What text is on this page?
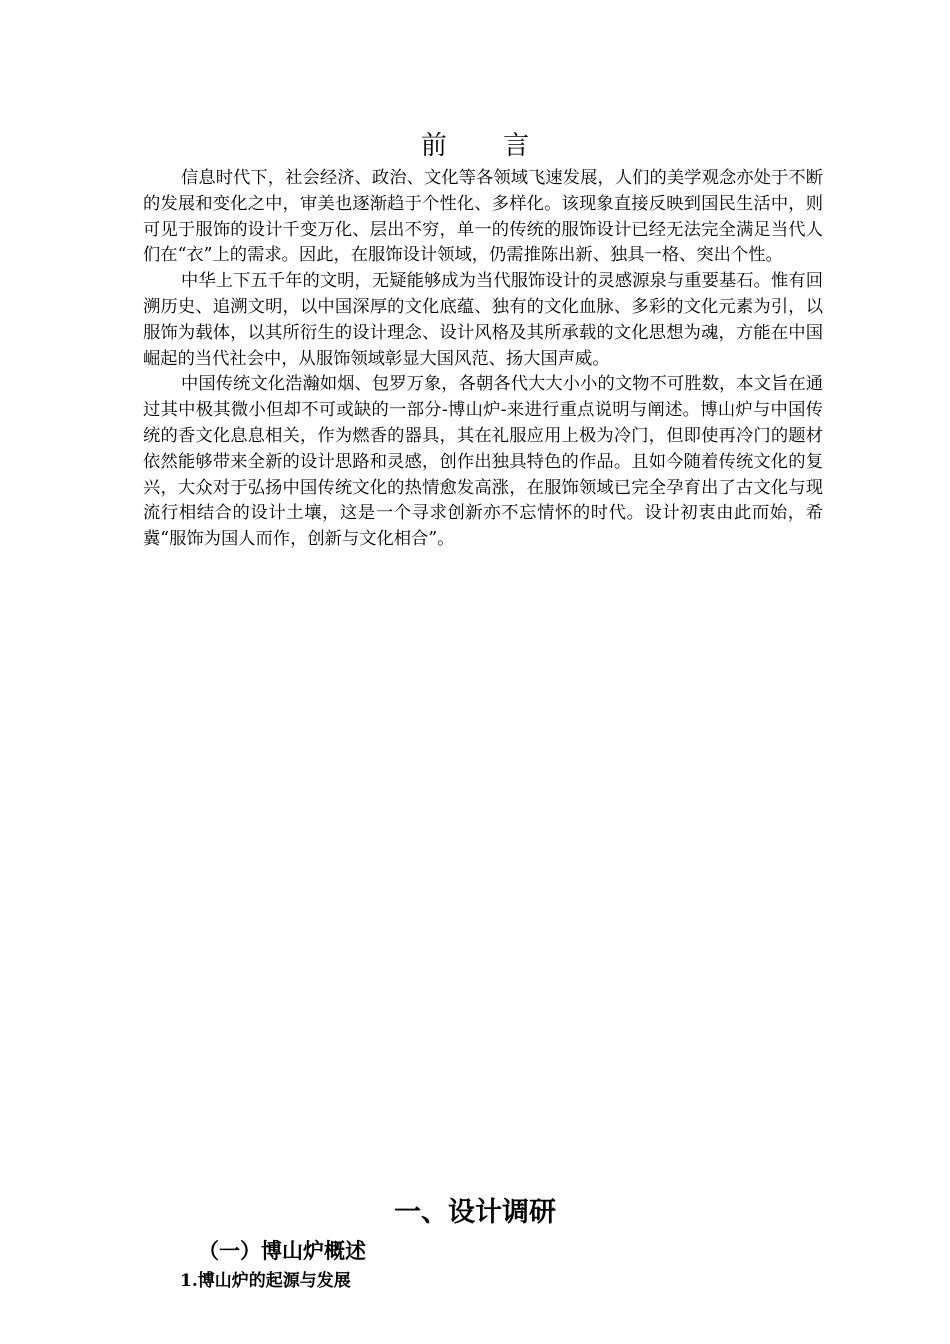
前 言

信息时代下，社会经济、政治、文化等各领域飞速发展，人们的美学观念亦处于不断的发展和变化之中，审美也逐渐趋于个性化、多样化。该现象直接反映到国民生活中，则可见于服饰的设计千变万化、层出不穷，单一的传统的服饰设计已经无法完全满足当代人们在“衣”上的需求。因此，在服饰设计领域，仍需推陈出新、独具一格、突出个性。

中华上下五千年的文明，无疑能够成为当代服饰设计的灵感源泉与重要基石。惟有回溯历史、追溯文明，以中国深厚的文化底蕴、独有的文化血脉、多彩的文化元素为引，以服饰为载体，以其所衍生的设计理念、设计风格及其所承载的文化思想为魂，方能在中国崛起的当代社会中，从服饰领域彰显大国风范、扬大国声威。

中国传统文化浩瀚如烟、包罗万象，各朝各代大大小小的文物不可胜数，本文旨在通过其中极其微小但却不可或缺的一部分-博山炉-来进行重点说明与阐述。博山炉与中国传统的香文化息息相关，作为燃香的器具，其在礼服应用上极为冷门，但即使再冷门的题材依然能够带来全新的设计思路和灵感，创作出独具特色的作品。且如今随着传统文化的复兴，大众对于弘扬中国传统文化的热情愈发高涨，在服饰领域已完全孕育出了古文化与现流行相结合的设计土壤，这是一个寻求创新亦不忘情怀的时代。设计初衷由此而始，希冀“服饰为国人而作，创新与文化相合”。

一、设计调研
（一）博山炉概述
1.博山炉的起源与发展
